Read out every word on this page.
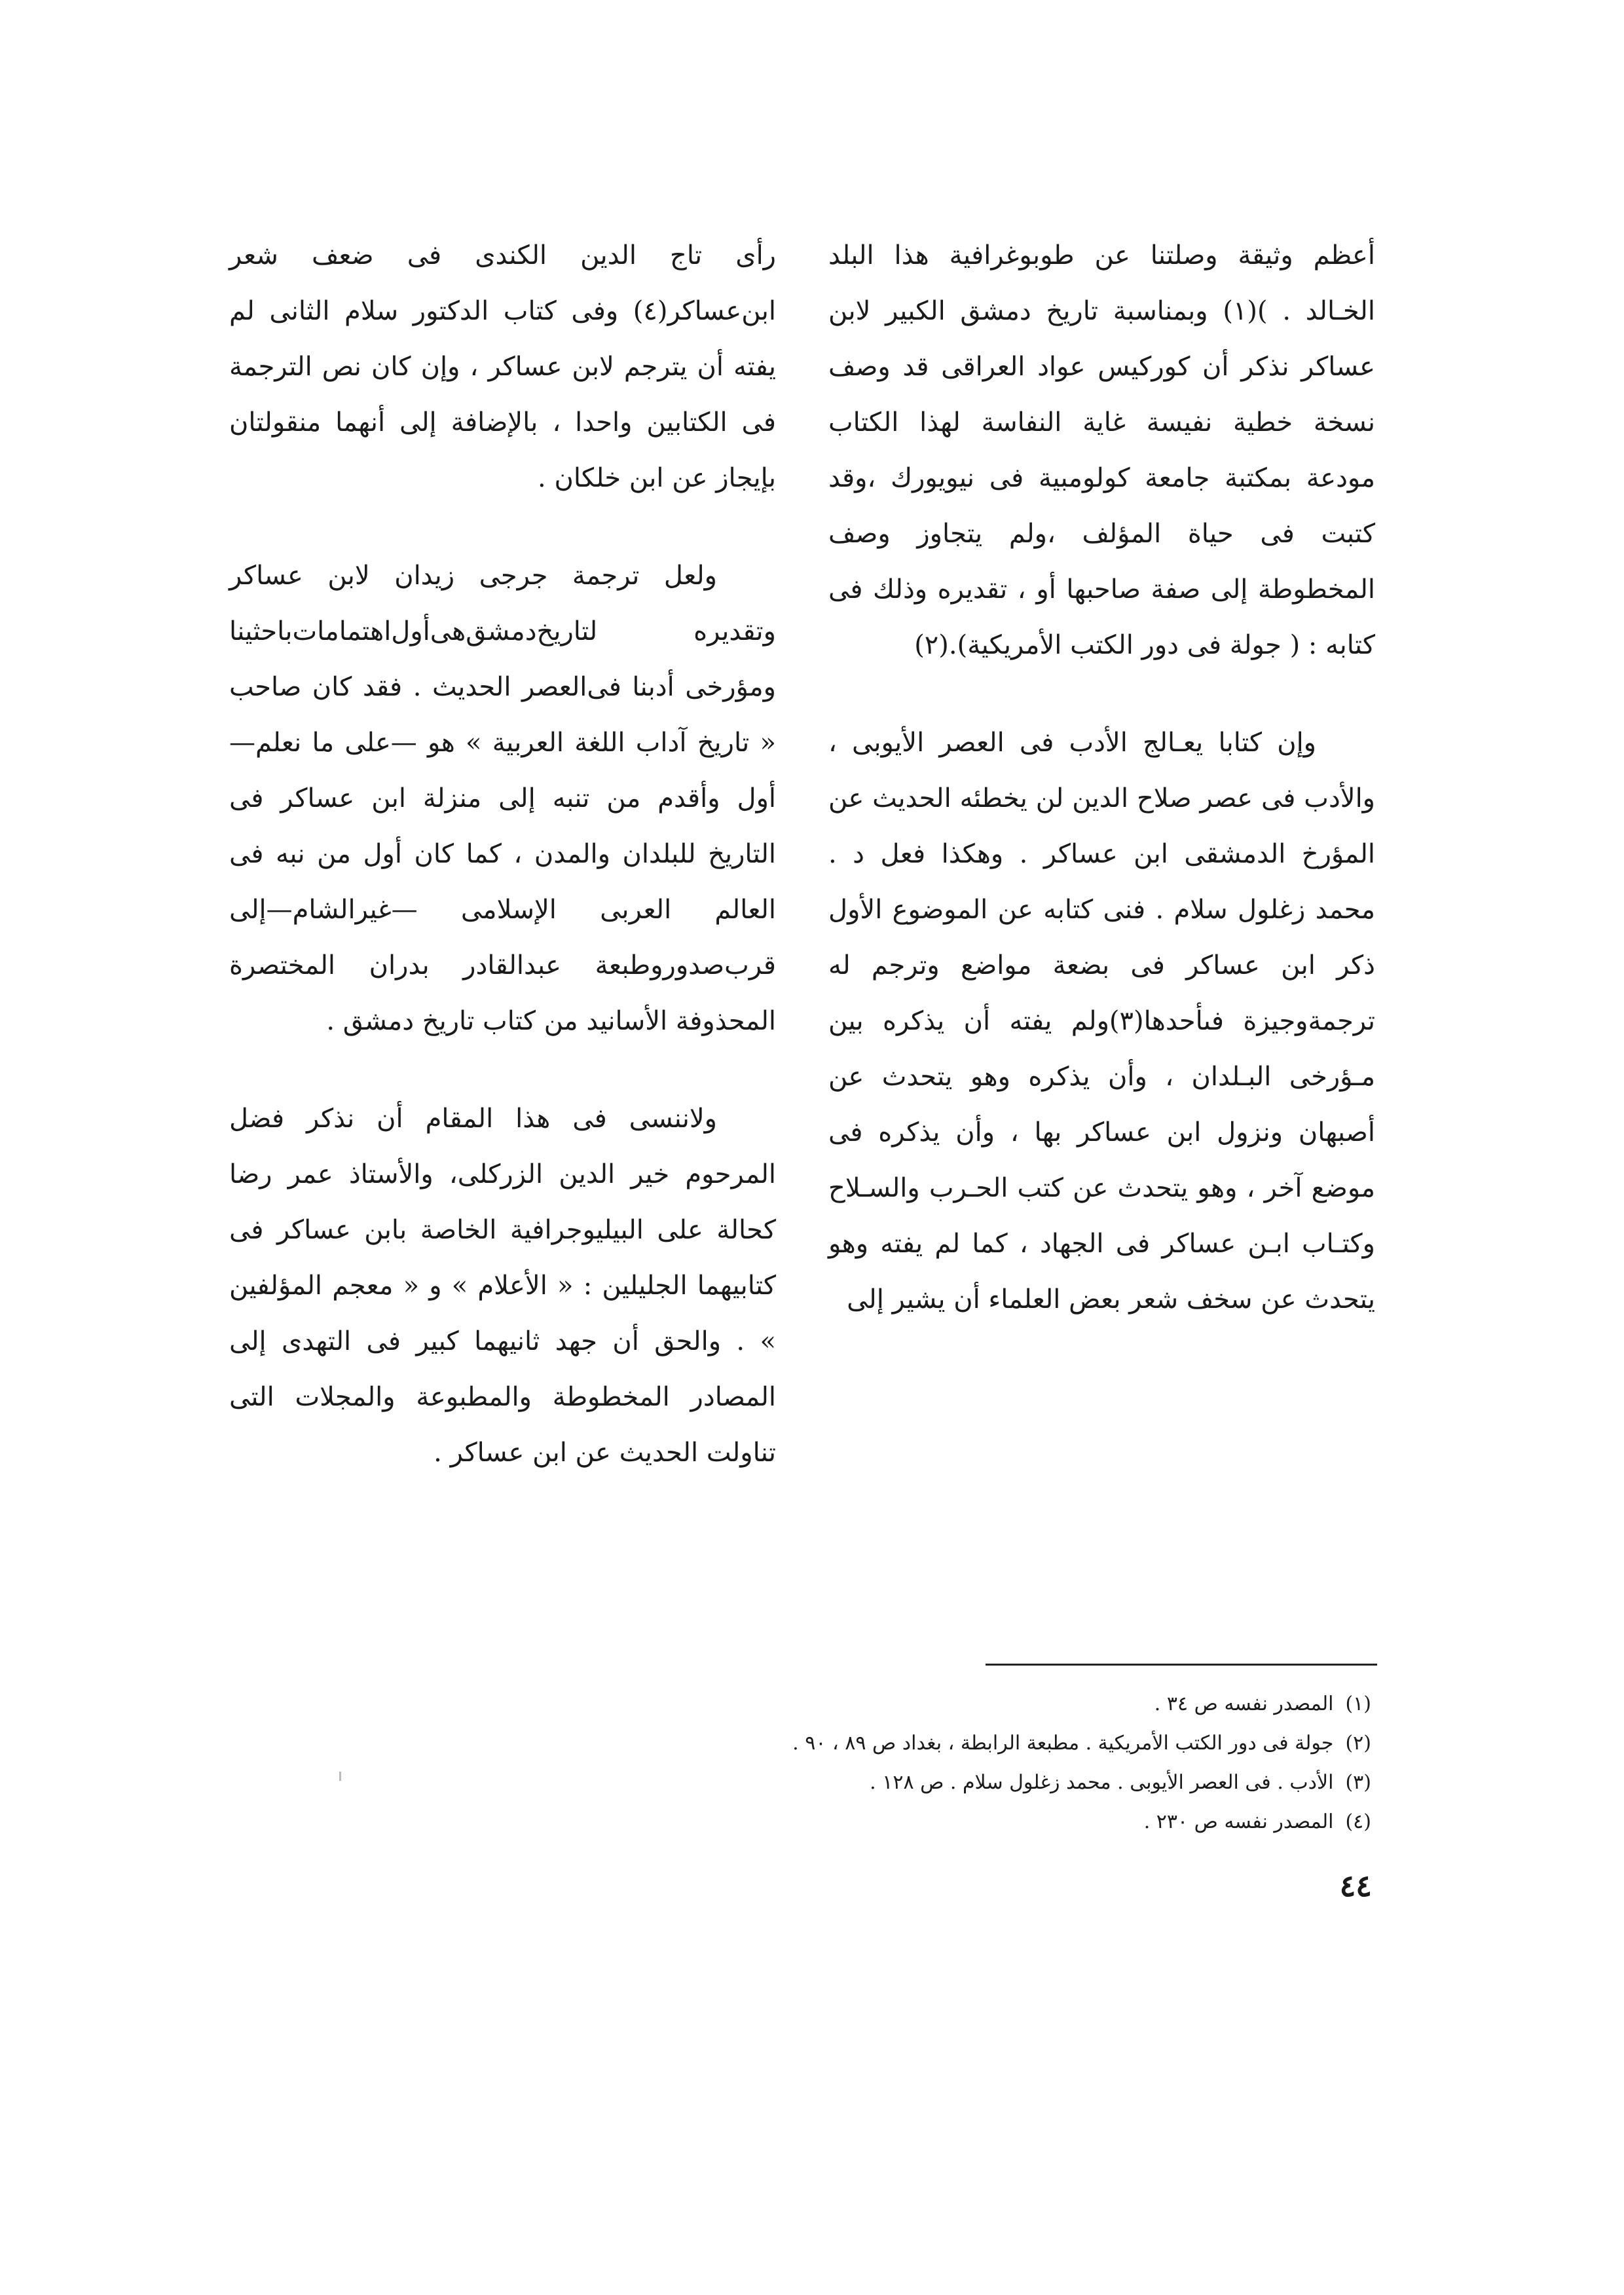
أعظم وثيقة وصلتنا عن طوبوغرافية هذا البلد الخـالد . )(١) وبمناسبة تاريخ دمشق الكبير لابن عساكر نذكر أن كوركيس عواد العراقى قد وصف نسخة خطية نفيسة غاية النفاسة لهذا الكتاب مودعة بمكتبة جامعة كولومبية فى نيويورك ،وقد كتبت فى حياة المؤلف ،ولم يتجاوز وصف المخطوطة إلى صفة صاحبها أو ، تقديره وذلك فى كتابه : ( جولة فى دور الكتب الأمريكية).(٢)

وإن كتابا يعـالج الأدب فى العصر الأيوبى ، والأدب فى عصر صلاح الدين لن يخطئه الحديث عن المؤرخ الدمشقى ابن عساكر . وهكذا فعل د . محمد زغلول سلام . فنى كتابه عن الموضوع الأول ذكر ابن عساكر فى بضعة مواضع وترجم له ترجمةوجيزة فىأحدها(٣)ولم يفته أن يذكره بين مـؤرخى البـلدان ، وأن يذكره وهو يتحدث عن أصبهان ونزول ابن عساكر بها ، وأن يذكره فى موضع آخر ، وهو يتحدث عن كتب الحـرب والسـلاح وكتـاب ابـن عساكر فى الجهاد ، كما لم يفته وهو يتحدث عن سخف شعر بعض العلماء أن يشير إلى

رأى تاج الدين الكندى فى ضعف شعر ابن‌عساكر(٤) وفى كتاب الدكتور سلام الثانى لم يفته أن يترجم لابن عساكر ، وإن كان نص الترجمة فى الكتابين واحدا ، بالإضافة إلى أنهما منقولتان بإيجاز عن ابن خلكان .

ولعل ترجمة جرجى زيدان لابن عساكر وتقديره لتاريخ‌دمشق‌هى‌أول‌اهتمامات‌باحثينا ومؤرخى أدبنا فى‌العصر الحديث . فقد كان صاحب « تاريخ آداب اللغة العربية » هو —على ما نعلم—أول وأقدم من تنبه إلى منزلة ابن عساكر فى التاريخ للبلدان والمدن ، كما كان أول من نبه فى العالم العربى الإسلامى —غيرالشام—إلى قرب‌صدوروطبعة عبدالقادر بدران المختصرة المحذوفة الأسانيد من كتاب تاريخ دمشق .

ولاننسى فى هذا المقام أن نذكر فضل المرحوم خير الدين الزركلى، والأستاذ عمر رضا كحالة على البيليوجرافية الخاصة بابن عساكر فى كتابيهما الجليلين : « الأعلام » و « معجم المؤلفين » . والحق أن جهد ثانيهما كبير فى التهدى إلى المصادر المخطوطة والمطبوعة والمجلات التى تناولت الحديث عن ابن عساكر .

(١)المصدر نفسه ص ٣٤ .
(٢)جولة فى دور الكتب الأمريكية . مطبعة الرابطة ، بغداد ص ٨٩ ، ٩٠ .
(٣)الأدب . فى العصر الأيوبى . محمد زغلول سلام . ص ١٢٨ .
(٤)المصدر نفسه ص ٢٣٠ .
٤٤
